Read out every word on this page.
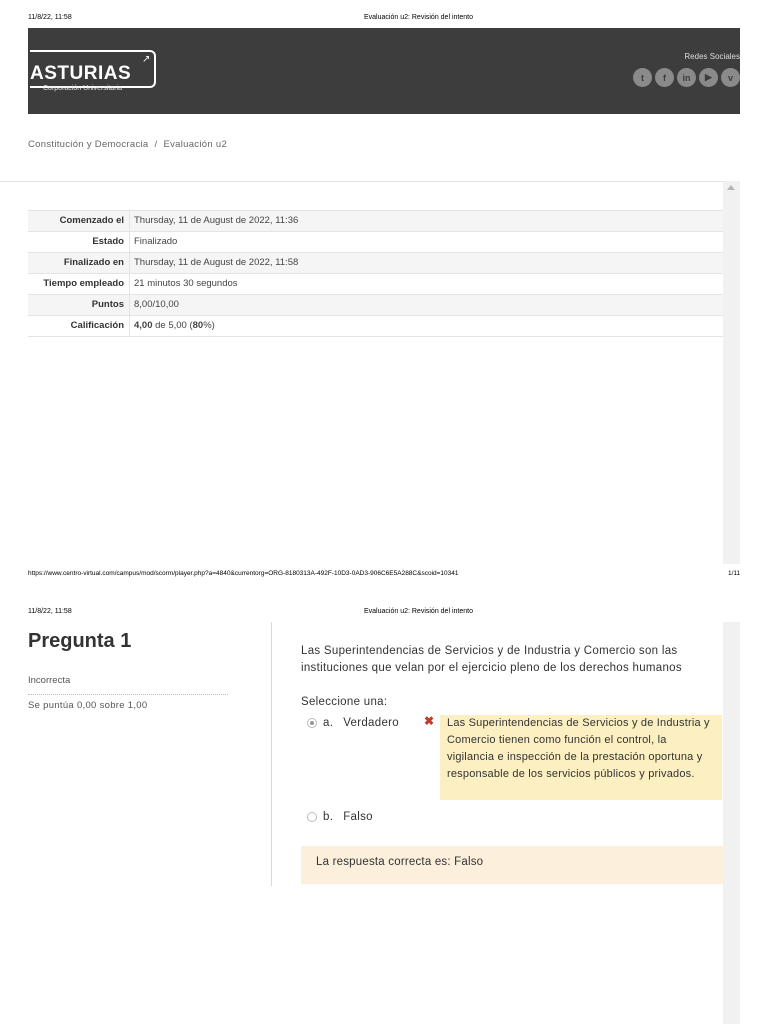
11/8/22, 11:58	Evaluación u2: Revisión del intento
↗
ASTURIAS
Corporación Universitaria
Redes Sociales
t	f	in	▶	v
Constitución y Democracia / Evaluación u2
Comenzado el	Thursday, 11 de August de 2022, 11:36
Estado	Finalizado
Finalizado en	Thursday, 11 de August de 2022, 11:58
Tiempo empleado	21 minutos 30 segundos
Puntos	8,00/10,00
Calificación	4,00 de 5,00 (80%)
https://www.centro-virtual.com/campus/mod/scorm/player.php?a=4840&currentorg=ORG-8180313A-492F-10D3-0AD3-906C6E5A288C&scoid=10341	1/11
11/8/22, 11:58	Evaluación u2: Revisión del intento
Pregunta 1
Incorrecta
Se puntúa 0,00 sobre 1,00
Las Superintendencias de Servicios y de Industria y Comercio son las instituciones que velan por el ejercicio pleno de los derechos humanos
Seleccione una:
a. Verdadero ✖	Las Superintendencias de Servicios y de Industria y Comercio tienen como función el control, la vigilancia e inspección de la prestación oportuna y responsable de los servicios públicos y privados.
b. Falso
La respuesta correcta es: Falso
